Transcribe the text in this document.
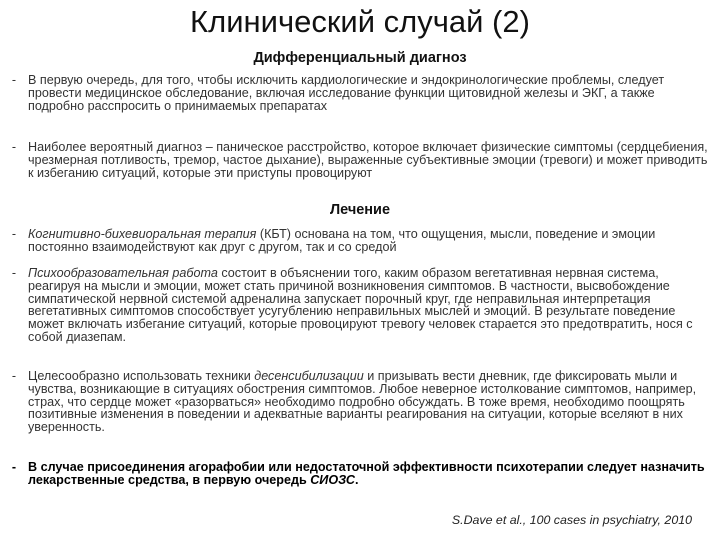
Клинический случай (2)
Дифференциальный диагноз
- В первую очередь, для того, чтобы исключить кардиологические и эндокринологические проблемы, следует провести медицинское обследование, включая исследование функции щитовидной железы и ЭКГ, а также подробно расспросить о принимаемых препаратах
- Наиболее вероятный диагноз – паническое расстройство, которое включает физические симптомы (сердцебиения, чрезмерная потливость, тремор, частое дыхание), выраженные субъективные эмоции (тревоги) и может приводить к избеганию ситуаций, которые эти приступы провоцируют
Лечение
- Когнитивно-бихевиоральная терапия (КБТ) основана на том, что ощущения, мысли, поведение и эмоции постоянно взаимодействуют как друг с другом, так и со средой
- Психообразовательная работа состоит в объяснении того, каким образом вегетативная нервная система, реагируя на мысли и эмоции, может стать причиной возникновения симптомов. В частности, высвобождение симпатической нервной системой адреналина запускает порочный круг, где неправильная интерпретация вегетативных симптомов способствует усугублению неправильных мыслей и эмоций. В результате поведение может включать избегание ситуаций, которые провоцируют тревогу человек старается это предотвратить, нося с собой диазепам.
- Целесообразно использовать техники десенсибилизации и призывать вести дневник, где фиксировать мыли и чувства, возникающие в ситуациях обострения симптомов. Любое неверное истолкование симптомов, например, страх, что сердце может «разорваться» необходимо подробно обсуждать. В тоже время, необходимо поощрять позитивные изменения в поведении и адекватные варианты реагирования на ситуации, которые вселяют в них уверенность.
- В случае присоединения агорафобии или недостаточной эффективности психотерапии следует назначить лекарственные средства, в первую очередь СИОЗС.
S.Dave et al., 100 cases in psychiatry, 2010
